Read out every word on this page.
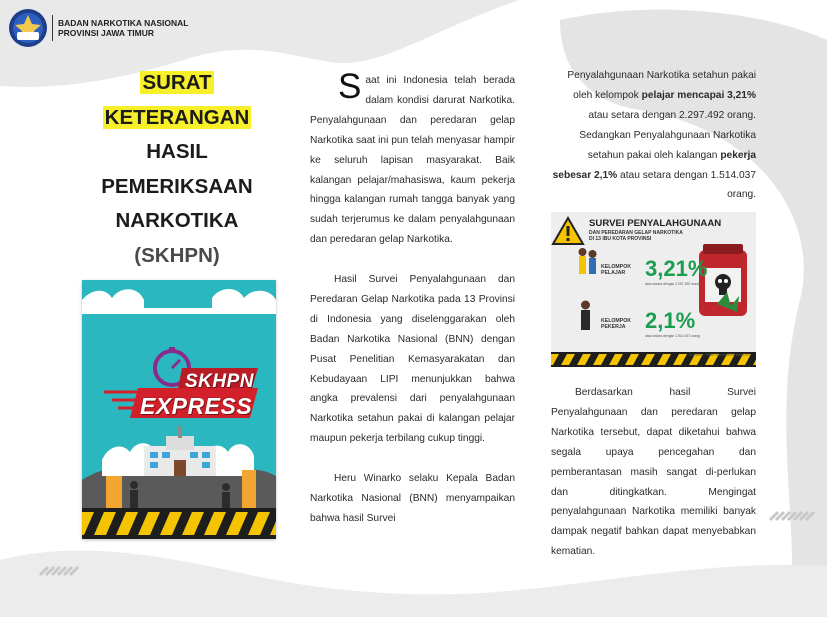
BADAN NARKOTIKA NASIONAL
PROVINSI JAWA TIMUR
SURAT
KETERANGAN
HASIL
PEMERIKSAAN
NARKOTIKA
(SKHPN)
SKHPN
EXPRESS

Saat ini Indonesia telah berada dalam kondisi darurat Narkotika. Penyalahgunaan dan peredaran gelap Narkotika saat ini pun telah menyasar hampir ke seluruh lapisan masyarakat. Baik kalangan pelajar/mahasiswa, kaum pekerja hingga kalangan rumah tangga banyak yang sudah terjerumus ke dalam penyalahgunaan dan peredaran gelap Narkotika.

Hasil Survei Penyalahgunaan dan Peredaran Gelap Narkotika pada 13 Provinsi di Indonesia yang diselenggarakan oleh Badan Narkotika Nasional (BNN) dengan Pusat Penelitian Kemasyarakatan dan Kebudayaan LIPI menunjukkan bahwa angka prevalensi dari penyalahgunaan Narkotika setahun pakai di kalangan pelajar maupun pekerja terbilang cukup tinggi.

Heru Winarko selaku Kepala Badan Narkotika Nasional (BNN) menyampaikan bahwa hasil Survei

Penyalahgunaan Narkotika setahun pakai oleh kelompok pelajar mencapai 3,21% atau setara dengan 2.297.492 orang. Sedangkan Penyalahgunaan Narkotika setahun pakai oleh kalangan pekerja sebesar 2,1% atau setara dengan 1.514.037 orang.

SURVEI PENYALAHGUNAAN
DAN PEREDARAN GELAP NARKOTIKA
DI 13 IBU KOTA PROVINSI
KELOMPOK
PELAJAR 3,21%
atau setara dengan 2.297.492 orang
KELOMPOK
PEKERJA 2,1%
atau setara dengan 1.514.037 orang
Sumber : Hasil Survei BNN dan LIPI

Berdasarkan hasil Survei Penyalahgunaan dan peredaran gelap Narkotika tersebut, dapat diketahui bahwa segala upaya pencegahan dan pemberantasan masih sangat di-perlukan dan ditingkatkan. Mengingat penyalahgunaan Narkotika memiliki banyak dampak negatif bahkan dapat menyebabkan kematian.
